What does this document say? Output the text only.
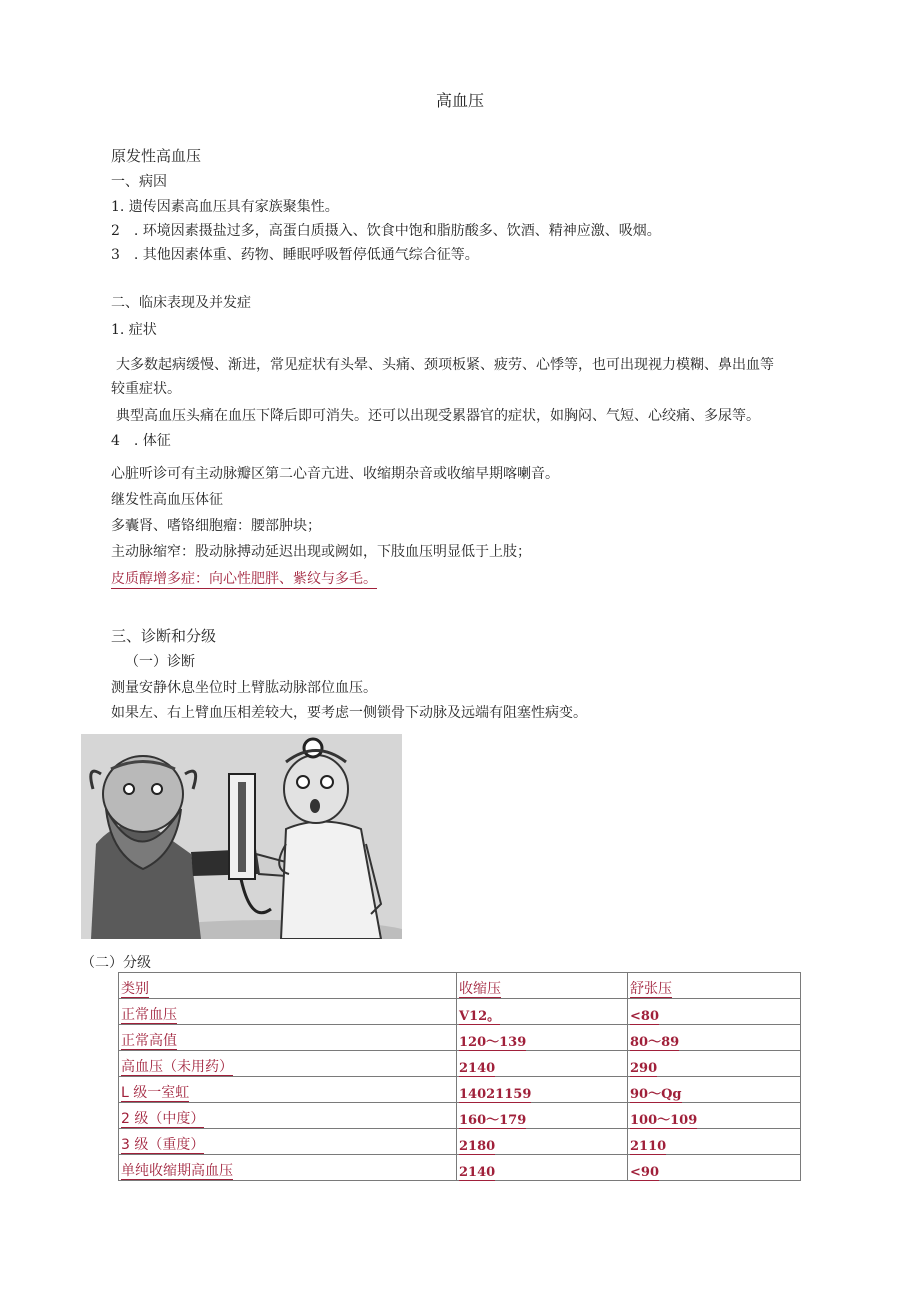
高血压
原发性高血压
一、病因
1. 遗传因素高血压具有家族聚集性。
2　. 环境因素摄盐过多，高蛋白质摄入、饮食中饱和脂肪酸多、饮酒、精神应激、吸烟。
3　. 其他因素体重、药物、睡眠呼吸暂停低通气综合征等。
二、临床表现及并发症
1. 症状
大多数起病缓慢、渐进，常见症状有头晕、头痛、颈项板紧、疲劳、心悸等，也可出现视力模糊、鼻出血等
较重症状。
典型高血压头痛在血压下降后即可消失。还可以出现受累器官的症状，如胸闷、气短、心绞痛、多尿等。
4　. 体征
心脏听诊可有主动脉瓣区第二心音亢进、收缩期杂音或收缩早期喀喇音。
继发性高血压体征
多囊肾、嗜铬细胞瘤：腰部肿块；
主动脉缩窄：股动脉搏动延迟出现或阙如，下肢血压明显低于上肢；
皮质醇增多症：向心性肥胖、紫纹与多毛。
三、诊断和分级
（一）诊断
测量安静休息坐位时上臂肱动脉部位血压。
如果左、右上臂血压相差较大，要考虑一侧锁骨下动脉及远端有阻塞性病变。
（二）分级
类别	收缩压	舒张压
正常血压	V12。	<80
正常高值	120～139	80～89
高血压（未用药）	2140	290
L 级一室虹	14021159	90～Qg
2 级（中度）	160～179	100～109
3 级（重度）	2180	2110
单纯收缩期高血压	2140	<90
